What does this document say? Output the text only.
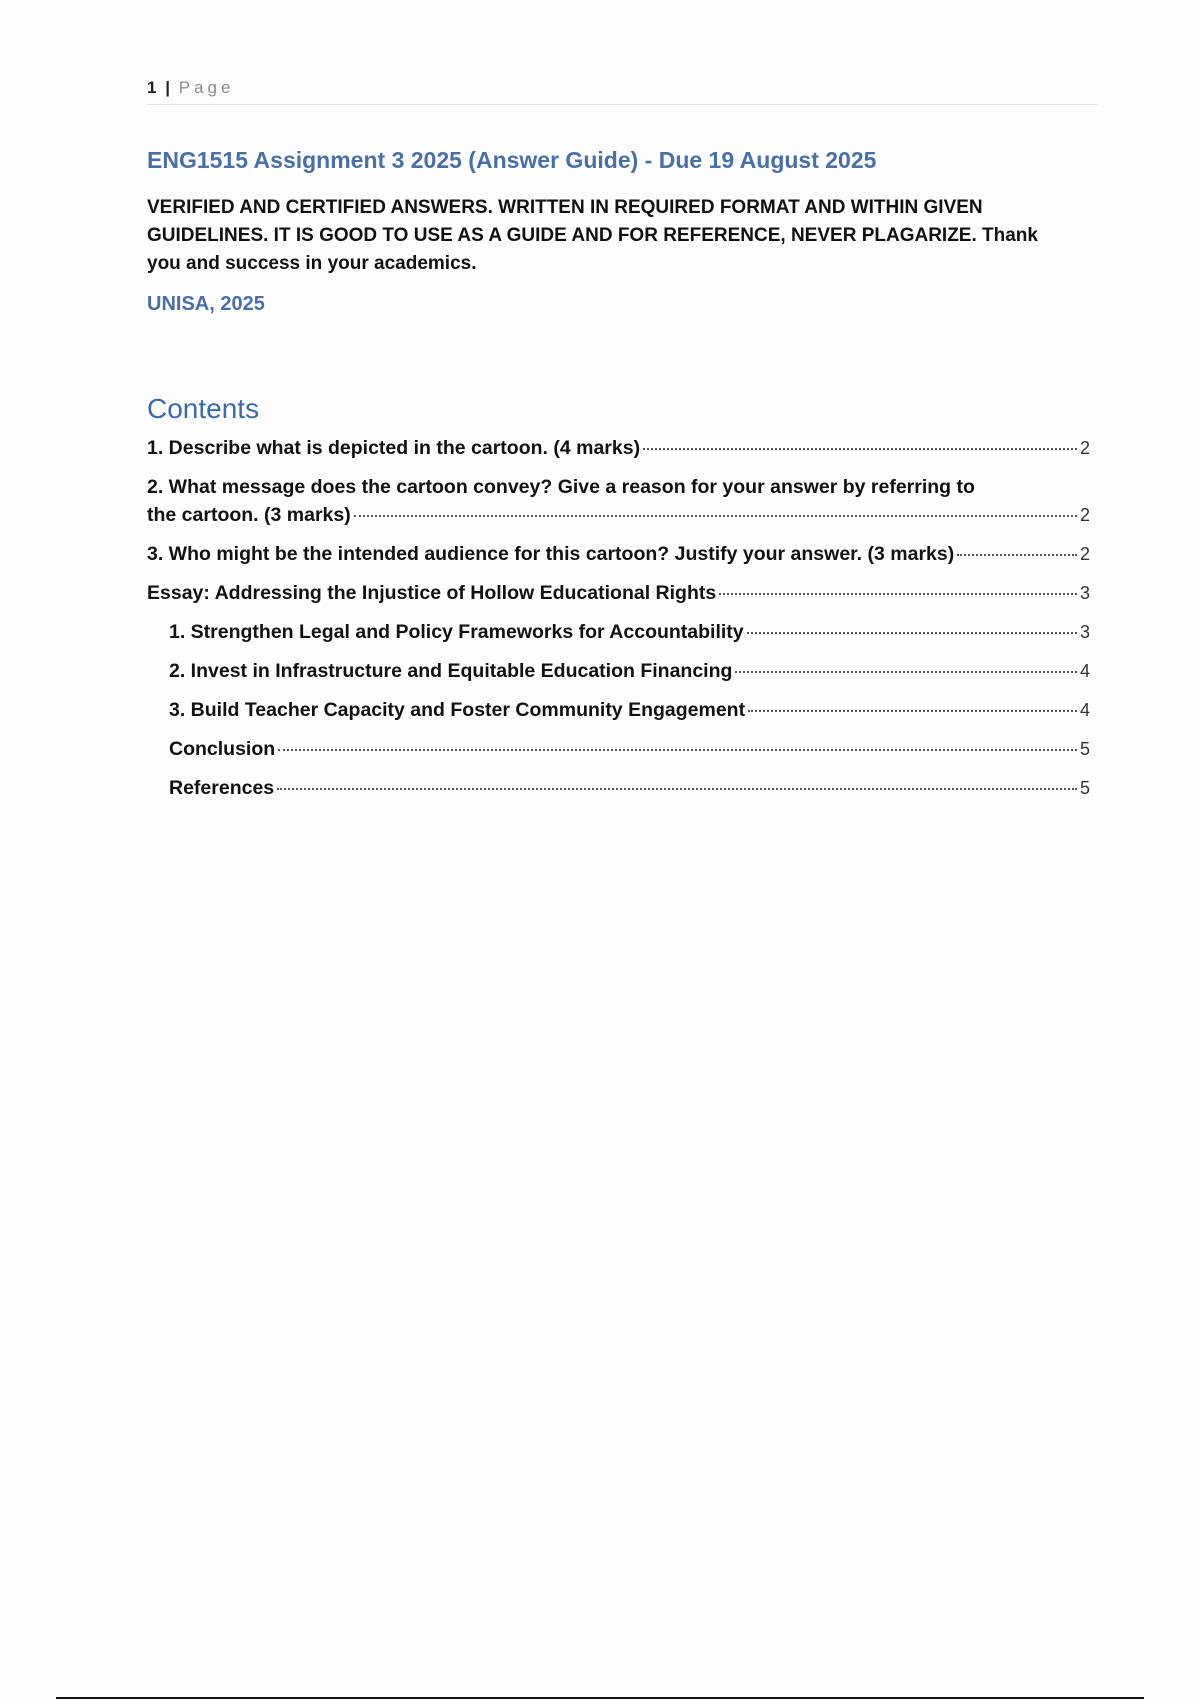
1 | Page
ENG1515 Assignment 3 2025 (Answer Guide) - Due 19 August 2025
VERIFIED AND CERTIFIED ANSWERS. WRITTEN IN REQUIRED FORMAT AND WITHIN GIVEN GUIDELINES. IT IS GOOD TO USE AS A GUIDE AND FOR REFERENCE, NEVER PLAGARIZE. Thank you and success in your academics.
UNISA, 2025
Contents
1. Describe what is depicted in the cartoon. (4 marks)	2
2. What message does the cartoon convey? Give a reason for your answer by referring to
the cartoon. (3 marks)	2
3. Who might be the intended audience for this cartoon? Justify your answer. (3 marks)	2
Essay: Addressing the Injustice of Hollow Educational Rights	3
1. Strengthen Legal and Policy Frameworks for Accountability	3
2. Invest in Infrastructure and Equitable Education Financing	4
3. Build Teacher Capacity and Foster Community Engagement	4
Conclusion	5
References	5
